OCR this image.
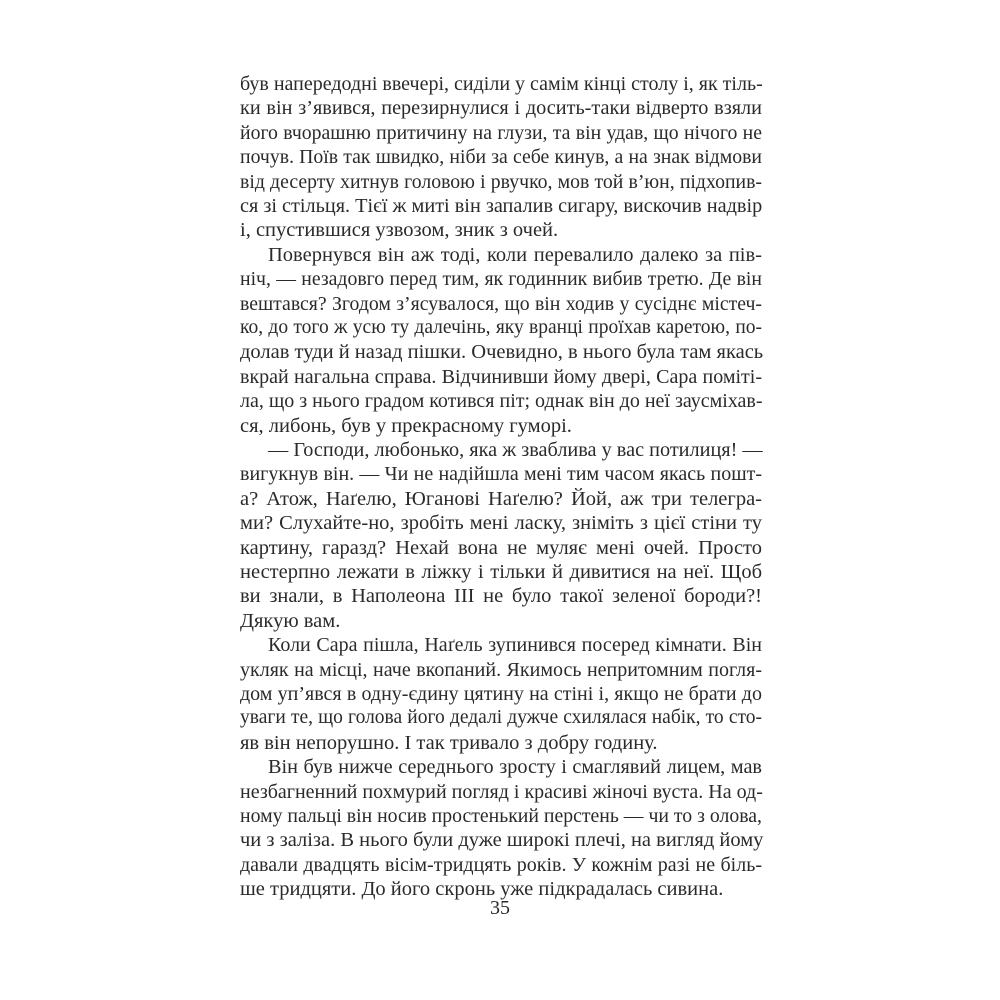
був напередодні ввечері, сиділи у самім кінці столу і, як тіль-
ки він з’явився, перезирнулися і досить-таки відверто взяли
його вчорашню притичину на глузи, та він удав, що нічого не
почув. Поїв так швидко, ніби за себе кинув, а на знак відмови
від десерту хитнув головою і рвучко, мов той в’юн, підхопив-
ся зі стільця. Тієї ж миті він запалив сигару, вискочив надвір
і, спустившися узвозом, зник з очей.
Повернувся він аж тоді, коли перевалило далеко за пів-
ніч, — незадовго перед тим, як годинник вибив третю. Де він
вештався? Згодом з’ясувалося, що він ходив у сусіднє містеч-
ко, до того ж усю ту далечінь, яку вранці проїхав каретою, по-
долав туди й назад пішки. Очевидно, в нього була там якась
вкрай нагальна справа. Відчинивши йому двері, Сара поміті-
ла, що з нього градом котився піт; однак він до неї заусміхав-
ся, либонь, був у прекрасному гуморі.
— Господи, любонько, яка ж зваблива у вас потилиця! —
вигукнув він. — Чи не надійшла мені тим часом якась пошт-
а? Атож, Наґелю, Югановi Наґелю? Йой, аж три телегра-
ми? Слухайте-но, зробіть мені ласку, зніміть з цієї стіни ту
картину, гаразд? Нехай вона не муляє мені очей. Просто
нестерпно лежати в ліжку і тільки й дивитися на неї. Щоб
ви знали, в Наполеона III не було такої зеленої бороди?!
Дякую вам.
Коли Сара пішла, Наґель зупинився посеред кімнати. Він
укляк на місці, наче вкопаний. Якимось непритомним погля-
дом уп’явся в одну-єдину цятину на стіні і, якщо не брати до
уваги те, що голова його дедалі дужче схилялася набік, то сто-
яв він непорушно. І так тривало з добру годину.
Він був нижче середнього зросту і смаглявий лицем, мав
незбагненний похмурий погляд і красиві жіночі вуста. На од-
ному пальці він носив простенький перстень — чи то з олова,
чи з заліза. В нього були дуже широкі плечі, на вигляд йому
давали двадцять вісім-тридцять років. У кожнім разі не біль-
ше тридцяти. До його скронь уже підкрадалась сивина.
35
